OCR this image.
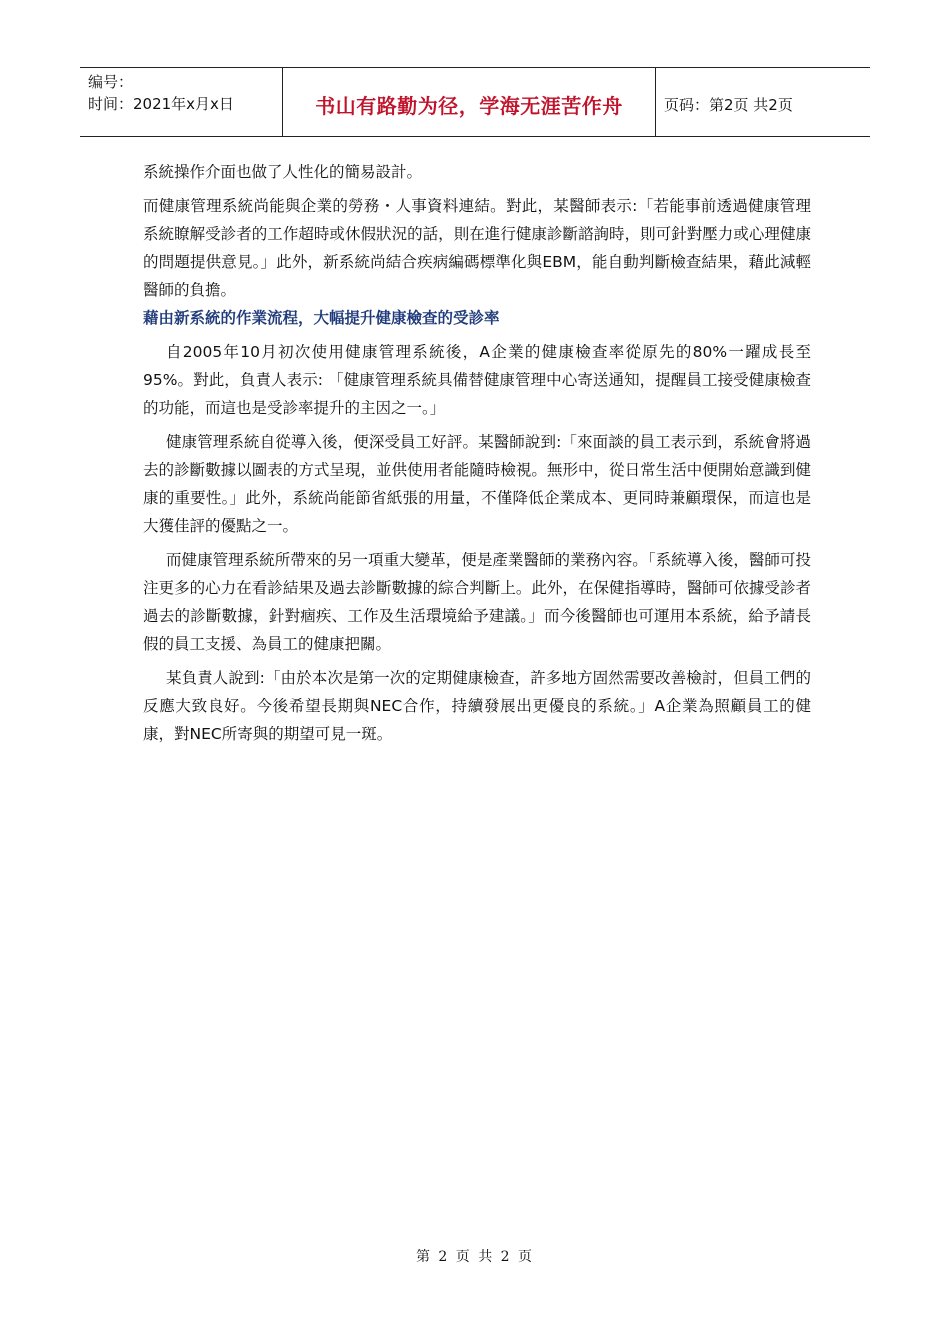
编号：
时间：2021年x月x日	书山有路勤为径，学海无涯苦作舟	页码：第2页 共2页

系統操作介面也做了人性化的簡易設計。

而健康管理系統尚能與企業的勞務・人事資料連結。對此，某醫師表示:「若能事前透過健康管理系統瞭解受診者的工作超時或休假狀況的話，則在進行健康診斷諮詢時，則可針對壓力或心理健康的問題提供意見。」此外，新系統尚結合疾病編碼標準化與EBM，能自動判斷檢查結果，藉此減輕醫師的負擔。

藉由新系統的作業流程，大幅提升健康檢查的受診率

自2005年10月初次使用健康管理系統後，A企業的健康檢查率從原先的80%一躍成長至95%。對此，負責人表示: 「健康管理系統具備替健康管理中心寄送通知，提醒員工接受健康檢查的功能，而這也是受診率提升的主因之一。」

健康管理系統自從導入後，便深受員工好評。某醫師說到:「來面談的員工表示到，系統會將過去的診斷數據以圖表的方式呈現，並供使用者能隨時檢視。無形中，從日常生活中便開始意識到健康的重要性。」此外，系統尚能節省紙張的用量，不僅降低企業成本、更同時兼顧環保，而這也是大獲佳評的優點之一。

而健康管理系統所帶來的另一項重大變革，便是產業醫師的業務內容。「系統導入後，醫師可投注更多的心力在看診結果及過去診斷數據的綜合判斷上。此外，在保健指導時，醫師可依據受診者過去的診斷數據，針對痼疾、工作及生活環境給予建議。」而今後醫師也可運用本系統，給予請長假的員工支援、為員工的健康把關。

某負責人說到:「由於本次是第一次的定期健康檢查，許多地方固然需要改善檢討，但員工們的反應大致良好。今後希望長期與NEC合作，持續發展出更優良的系統。」A企業為照顧員工的健康，對NEC所寄與的期望可見一斑。

第 2 页 共 2 页
